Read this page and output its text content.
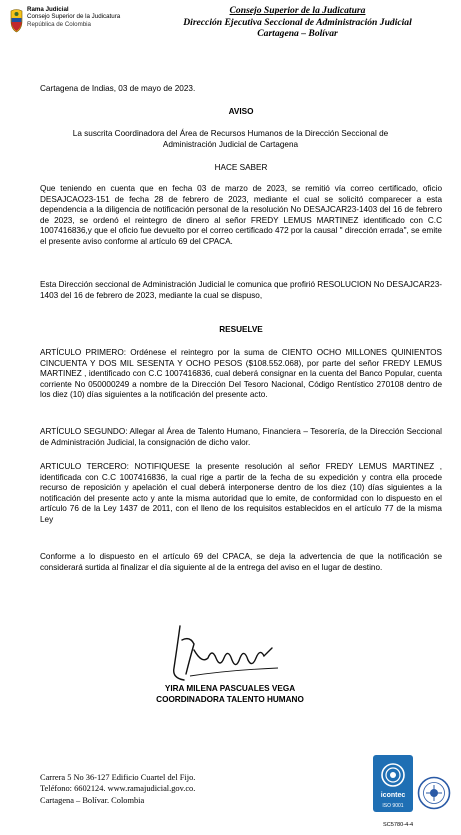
Rama Judicial
Consejo Superior de la Judicatura
República de Colombia
Consejo Superior de la Judicatura
Dirección Ejecutiva Seccional de Administración Judicial
Cartagena – Bolívar
Cartagena de Indias, 03 de mayo de 2023.
AVISO
La suscrita Coordinadora del Área de Recursos Humanos de la Dirección Seccional de
Administración Judicial de Cartagena
HACE SABER
Que teniendo en cuenta que en fecha 03 de marzo de 2023, se remitió vía correo certificado, oficio DESAJCAO23-151 de fecha 28 de febrero de 2023, mediante el cual se solicitó comparecer a esta dependencia a la diligencia de notificación personal de la resolución No DESAJCAR23-1403 del 16 de febrero de 2023, se ordenó el reintegro de dinero al señor FREDY LEMUS MARTINEZ identificado con C.C 1007416836,y que el oficio fue devuelto por el correo certificado 472 por la causal " dirección errada", se emite el presente aviso conforme al artículo 69 del CPACA.
Esta Dirección seccional de Administración Judicial le comunica que profirió RESOLUCION No DESAJCAR23-1403 del 16 de febrero de 2023, mediante la cual se dispuso,
RESUELVE
ARTÍCULO PRIMERO: Ordénese el reintegro por la suma de CIENTO OCHO MILLONES QUINIENTOS CINCUENTA Y DOS MIL SESENTA Y OCHO PESOS ($108.552.068), por parte del señor FREDY LEMUS MARTINEZ , identificado con C.C 1007416836, cual deberá consignar en la cuenta del Banco Popular, cuenta corriente No 050000249 a nombre de la Dirección Del Tesoro Nacional, Código Rentístico 270108 dentro de los diez (10) días siguientes a la notificación del presente acto.
ARTÍCULO SEGUNDO: Allegar al Área de Talento Humano, Financiera – Tesorería, de la Dirección Seccional de Administración Judicial, la consignación de dicho valor.
ARTICULO TERCERO: NOTIFIQUESE la presente resolución al señor FREDY LEMUS MARTINEZ , identificada con C.C 1007416836, la cual rige a partir de la fecha de su expedición y contra ella procede recurso de reposición y apelación el cual deberá interponerse dentro de los diez (10) días siguientes a la notificación del presente acto y ante la misma autoridad que lo emite, de conformidad con lo dispuesto en el artículo 76 de la Ley 1437 de 2011, con el lleno de los requisitos establecidos en el artículo 77 de la misma Ley
Conforme a lo dispuesto en el artículo 69 del CPACA, se deja la advertencia de que la notificación se considerará surtida al finalizar el día siguiente al de la entrega del aviso en el lugar de destino.
YIRA MILENA PASCUALES VEGA
COORDINADORA TALENTO HUMANO
Carrera 5 No 36-127 Edificio Cuartel del Fijo.
Teléfono: 6602124. www.ramajudicial.gov.co.
Cartagena – Bolívar. Colombia
icontec
ISO 9001
SC5780-4-4
